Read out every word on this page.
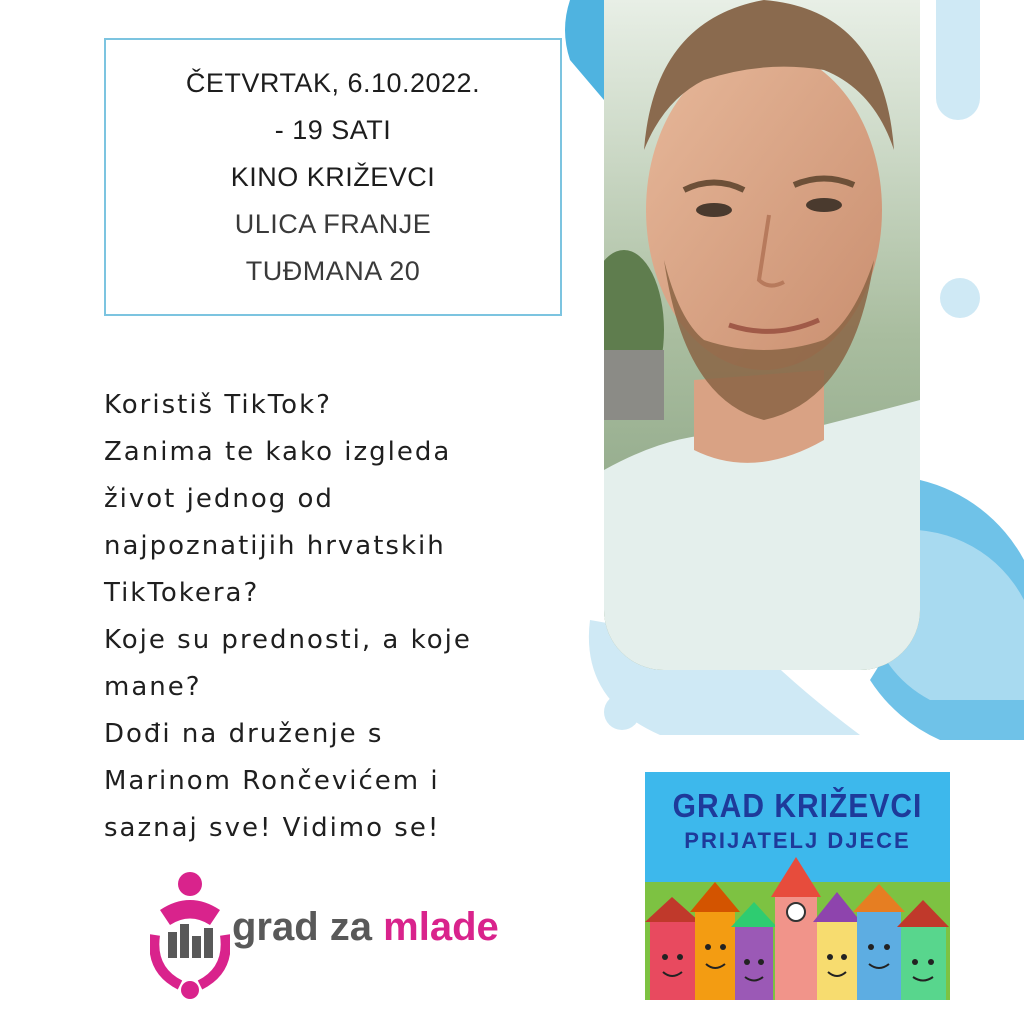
ČETVRTAK, 6.10.2022.
- 19 SATI
KINO KRIŽEVCI
ULICA FRANJE
TUĐMANA 20
Koristiš TikTok?
Zanima te kako izgleda
život jednog od
najpoznatijih hrvatskih
TikTokera?
Koje su prednosti, a koje
mane?
Dođi na druženje s
Marinom Rončevićem i
saznaj sve! Vidimo se!
grad za mlade
GRAD KRIŽEVCI
PRIJATELJ DJECE
